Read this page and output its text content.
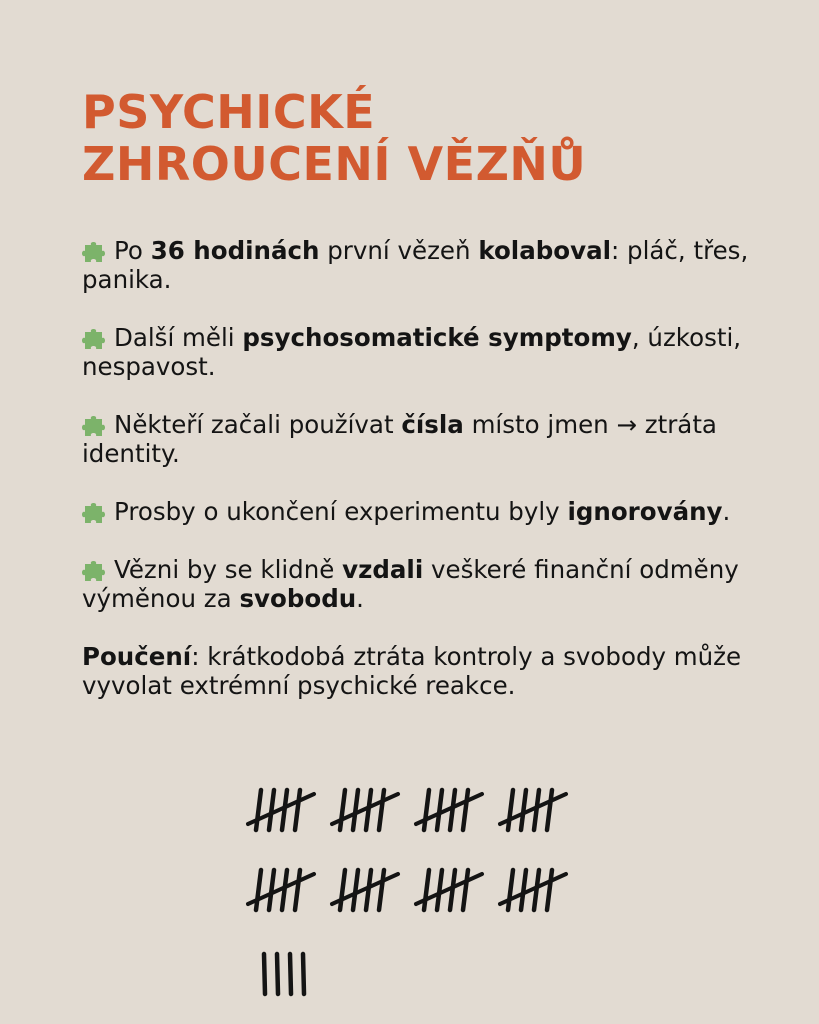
PSYCHICKÉ
ZHROUCENÍ VĚZŇŮ

Po 36 hodinách první vězeň kolaboval: pláč, třes, panika.

Další měli psychosomatické symptomy, úzkosti, nespavost.

Někteří začali používat čísla místo jmen → ztráta identity.

Prosby o ukončení experimentu byly ignorovány.

Vězni by se klidně vzdali veškeré finanční odměny výměnou za svobodu.

Poučení: krátkodobá ztráta kontroly a svobody může vyvolat extrémní psychické reakce.
